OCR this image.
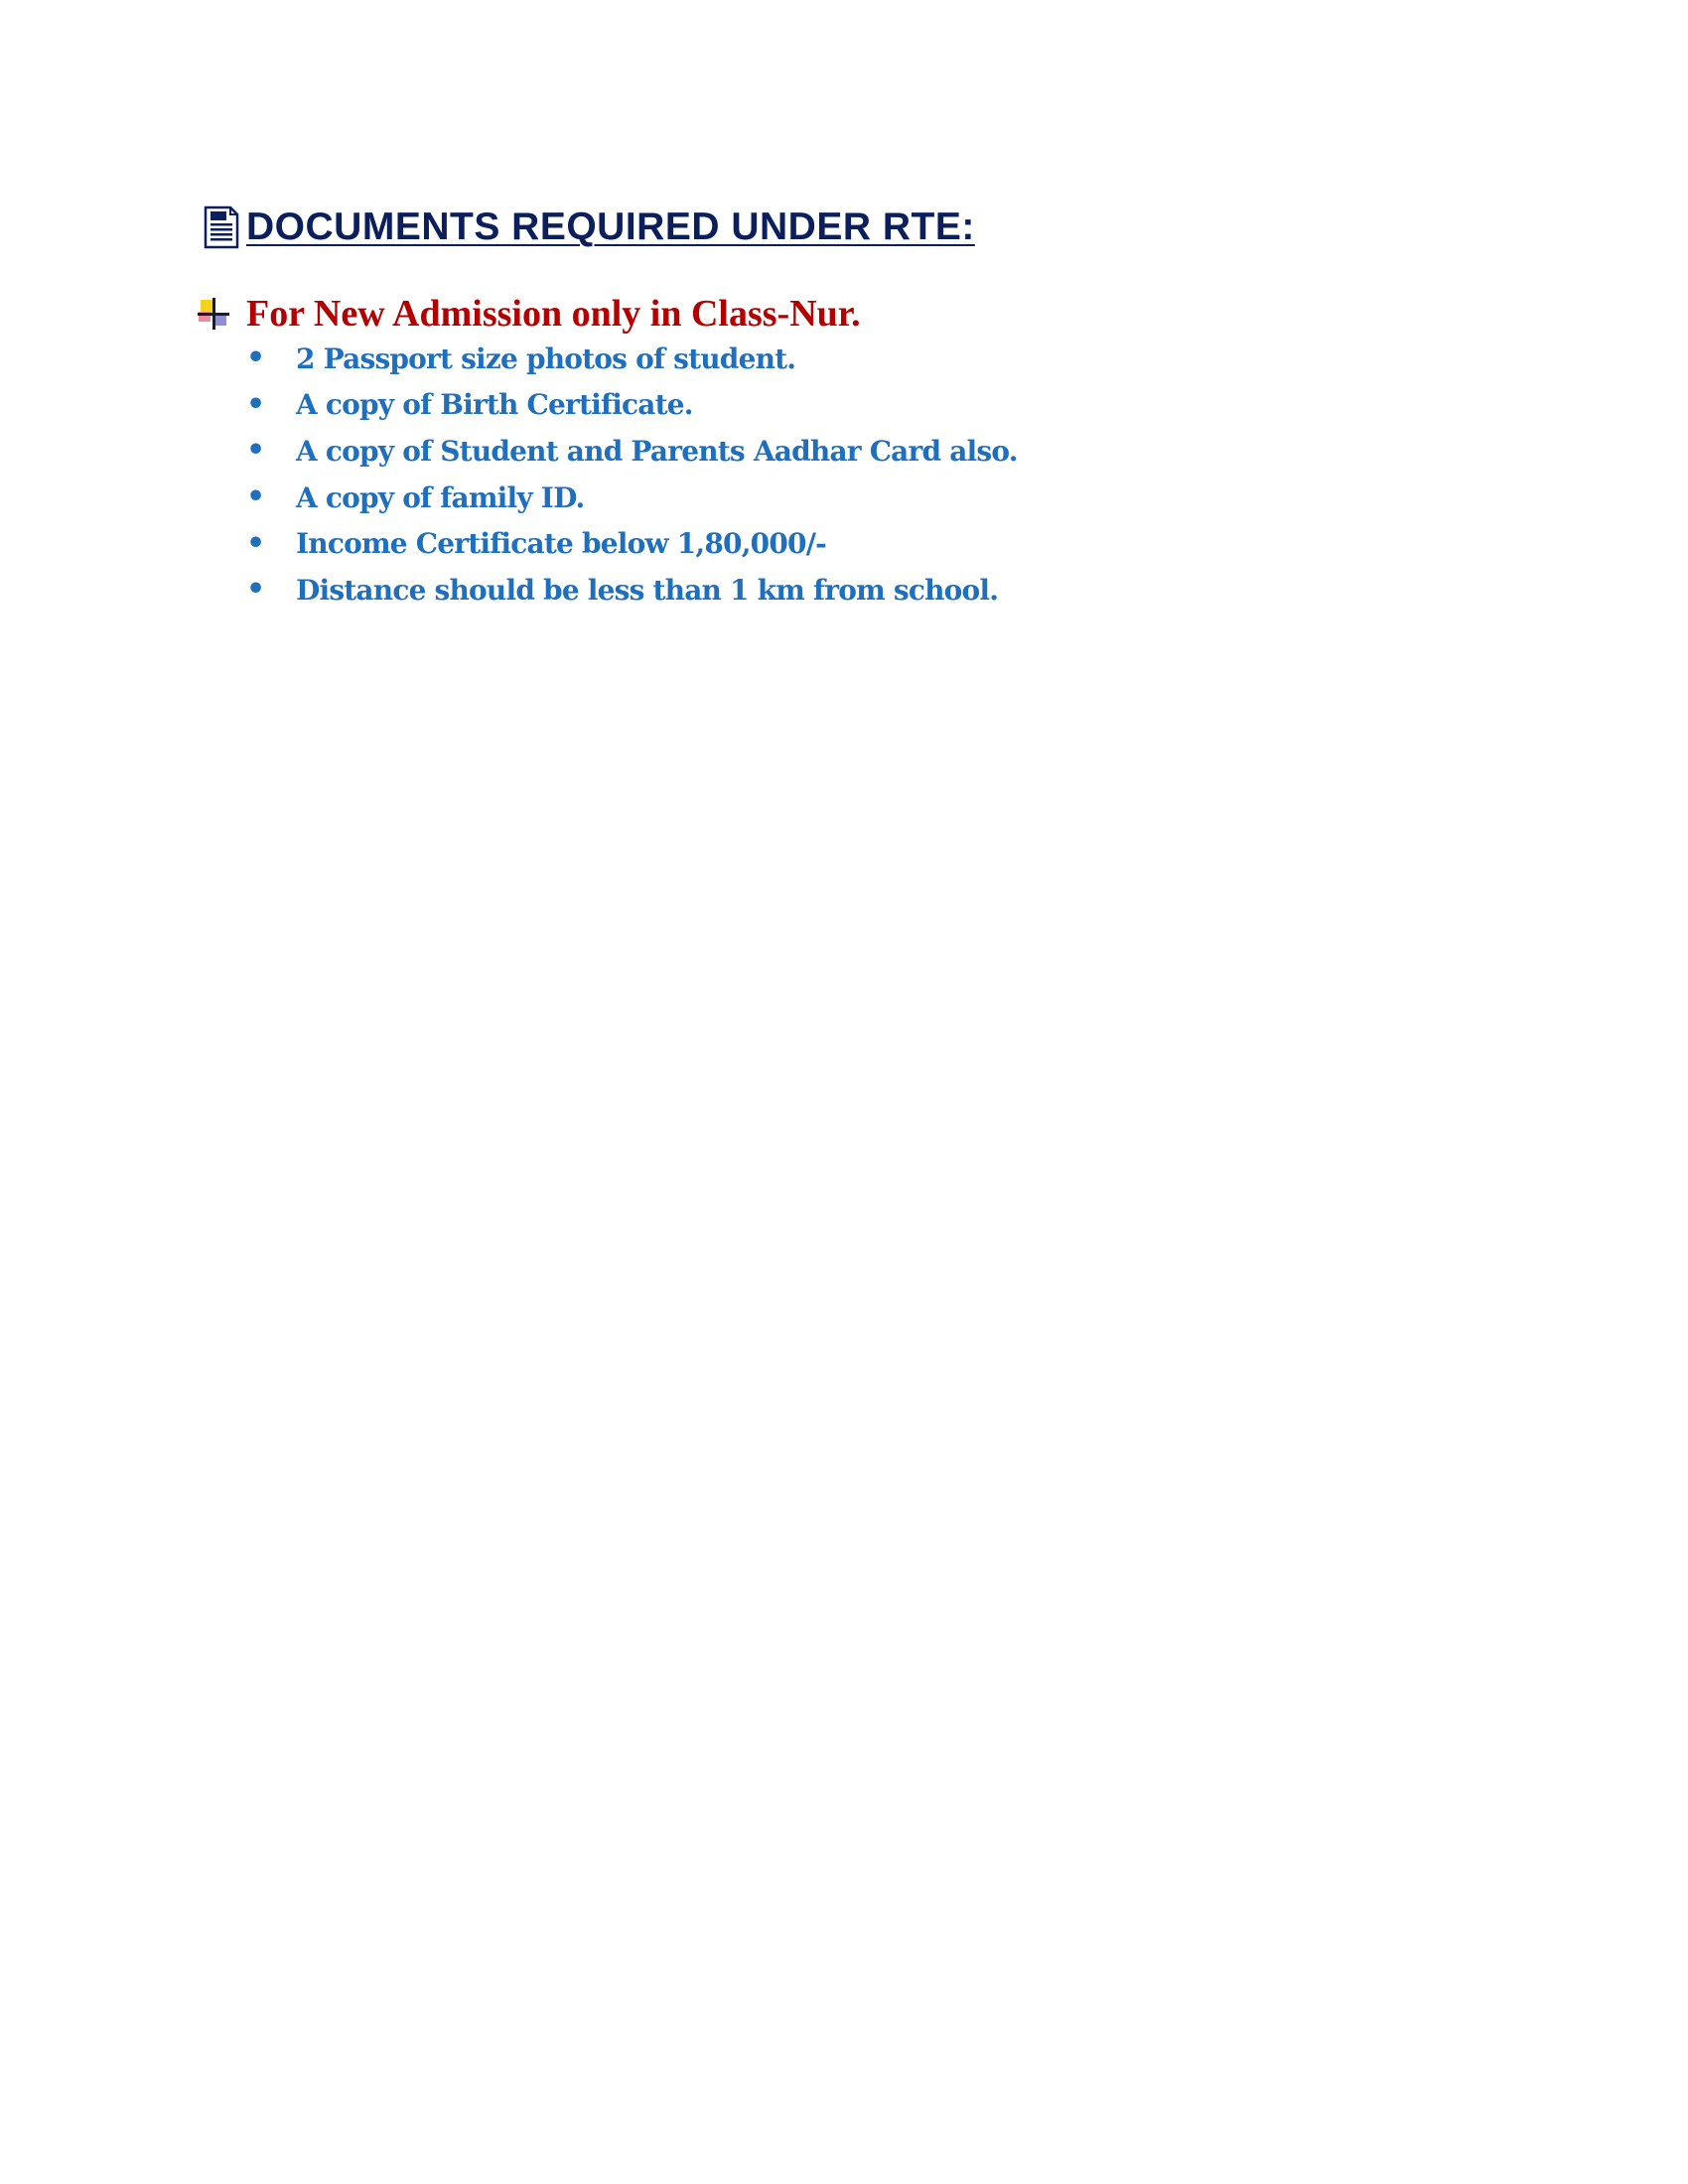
DOCUMENTS REQUIRED UNDER RTE:
For New Admission only in Class-Nur.
•	2 Passport size photos of student.
•	A copy of Birth Certificate.
•	A copy of Student and Parents Aadhar Card also.
•	A copy of family ID.
•	Income Certificate below 1,80,000/-
•	Distance should be less than 1 km from school.
